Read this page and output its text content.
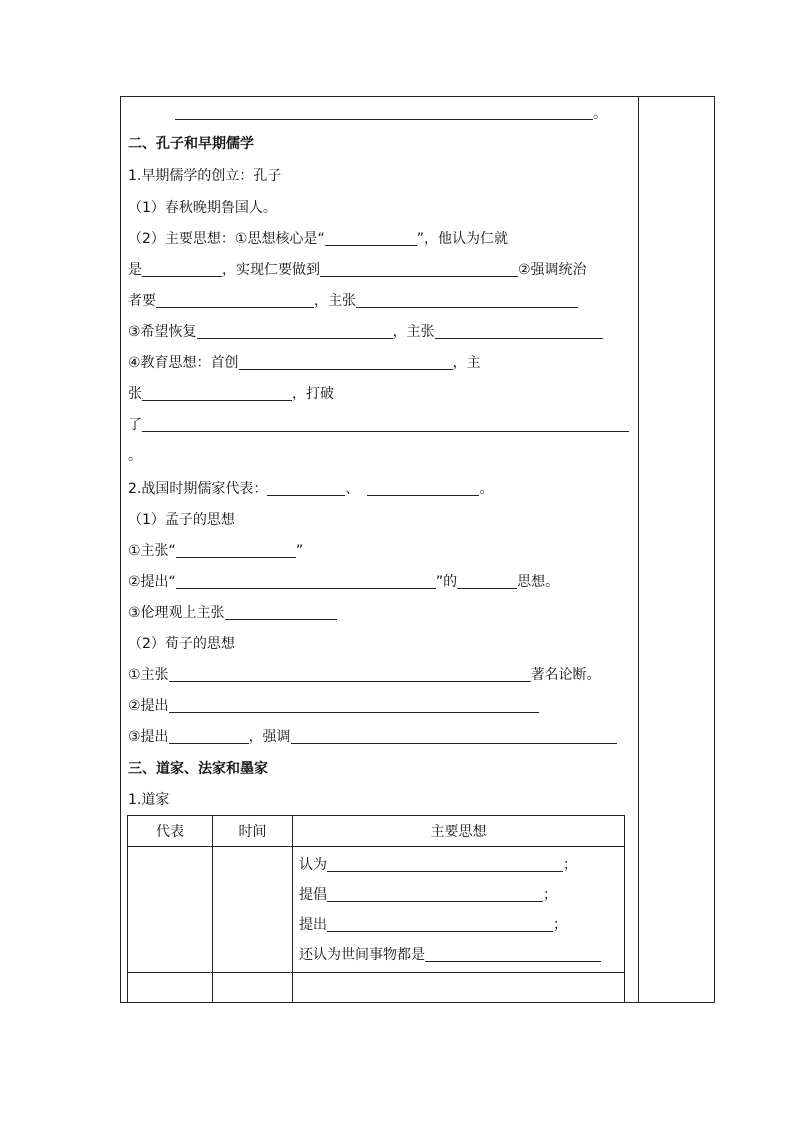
。
二、孔子和早期儒学
1.早期儒学的创立：孔子
（1）春秋晚期鲁国人。
（2）主要思想：①思想核心是“	”，他认为仁就
是	，实现仁要做到	②强调统治
者要	，主张
③希望恢复	，主张
④教育思想：首创	，主
张	，打破
了
。
2.战国时期儒家代表：	、	。
（1）孟子的思想
①主张“	”
②提出“	”的	思想。
③伦理观上主张
（2）荀子的思想
①主张	著名论断。
②提出
③提出	，强调
三、道家、法家和墨家
1.道家
代表	时间	主要思想

		认为 ；
提倡 ；
提出 ；
还认为世间事物都是
